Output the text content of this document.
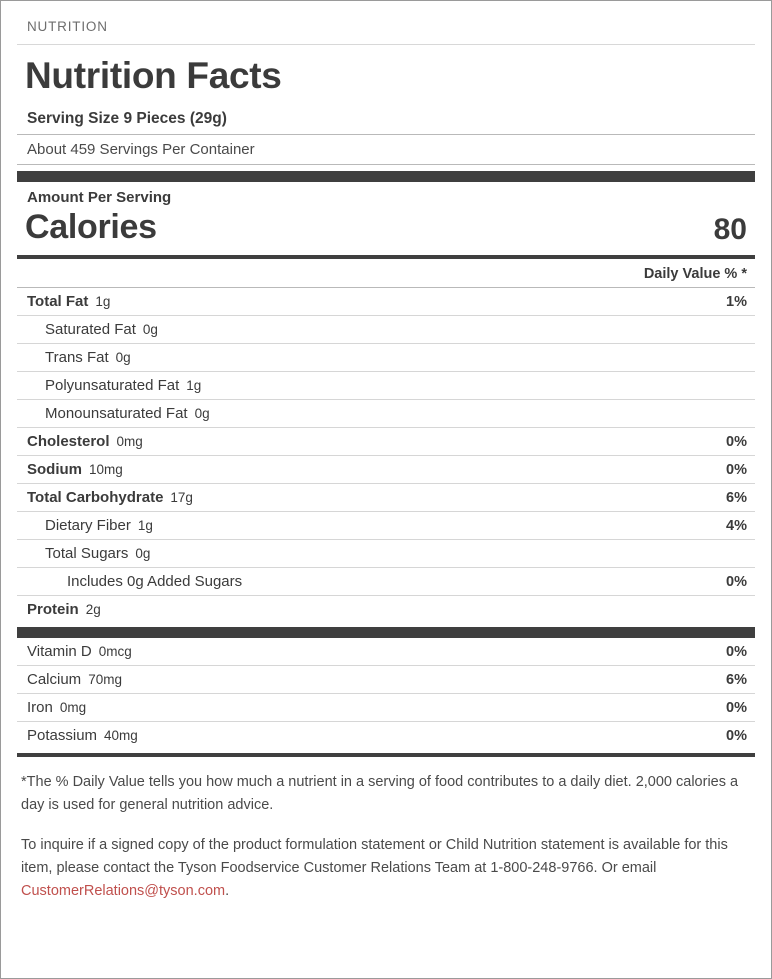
NUTRITION
Nutrition Facts
Serving Size 9 Pieces (29g)
About 459 Servings Per Container
Amount Per Serving
Calories	80
Daily Value % *
Total Fat 1g	1%
Saturated Fat 0g
Trans Fat 0g
Polyunsaturated Fat 1g
Monounsaturated Fat 0g
Cholesterol 0mg	0%
Sodium 10mg	0%
Total Carbohydrate 17g	6%
Dietary Fiber 1g	4%
Total Sugars 0g
Includes 0g Added Sugars	0%
Protein 2g
Vitamin D 0mcg	0%
Calcium 70mg	6%
Iron 0mg	0%
Potassium 40mg	0%
*The % Daily Value tells you how much a nutrient in a serving of food contributes to a daily diet. 2,000 calories a day is used for general nutrition advice.
To inquire if a signed copy of the product formulation statement or Child Nutrition statement is available for this item, please contact the Tyson Foodservice Customer Relations Team at 1-800-248-9766. Or email CustomerRelations@tyson.com.
